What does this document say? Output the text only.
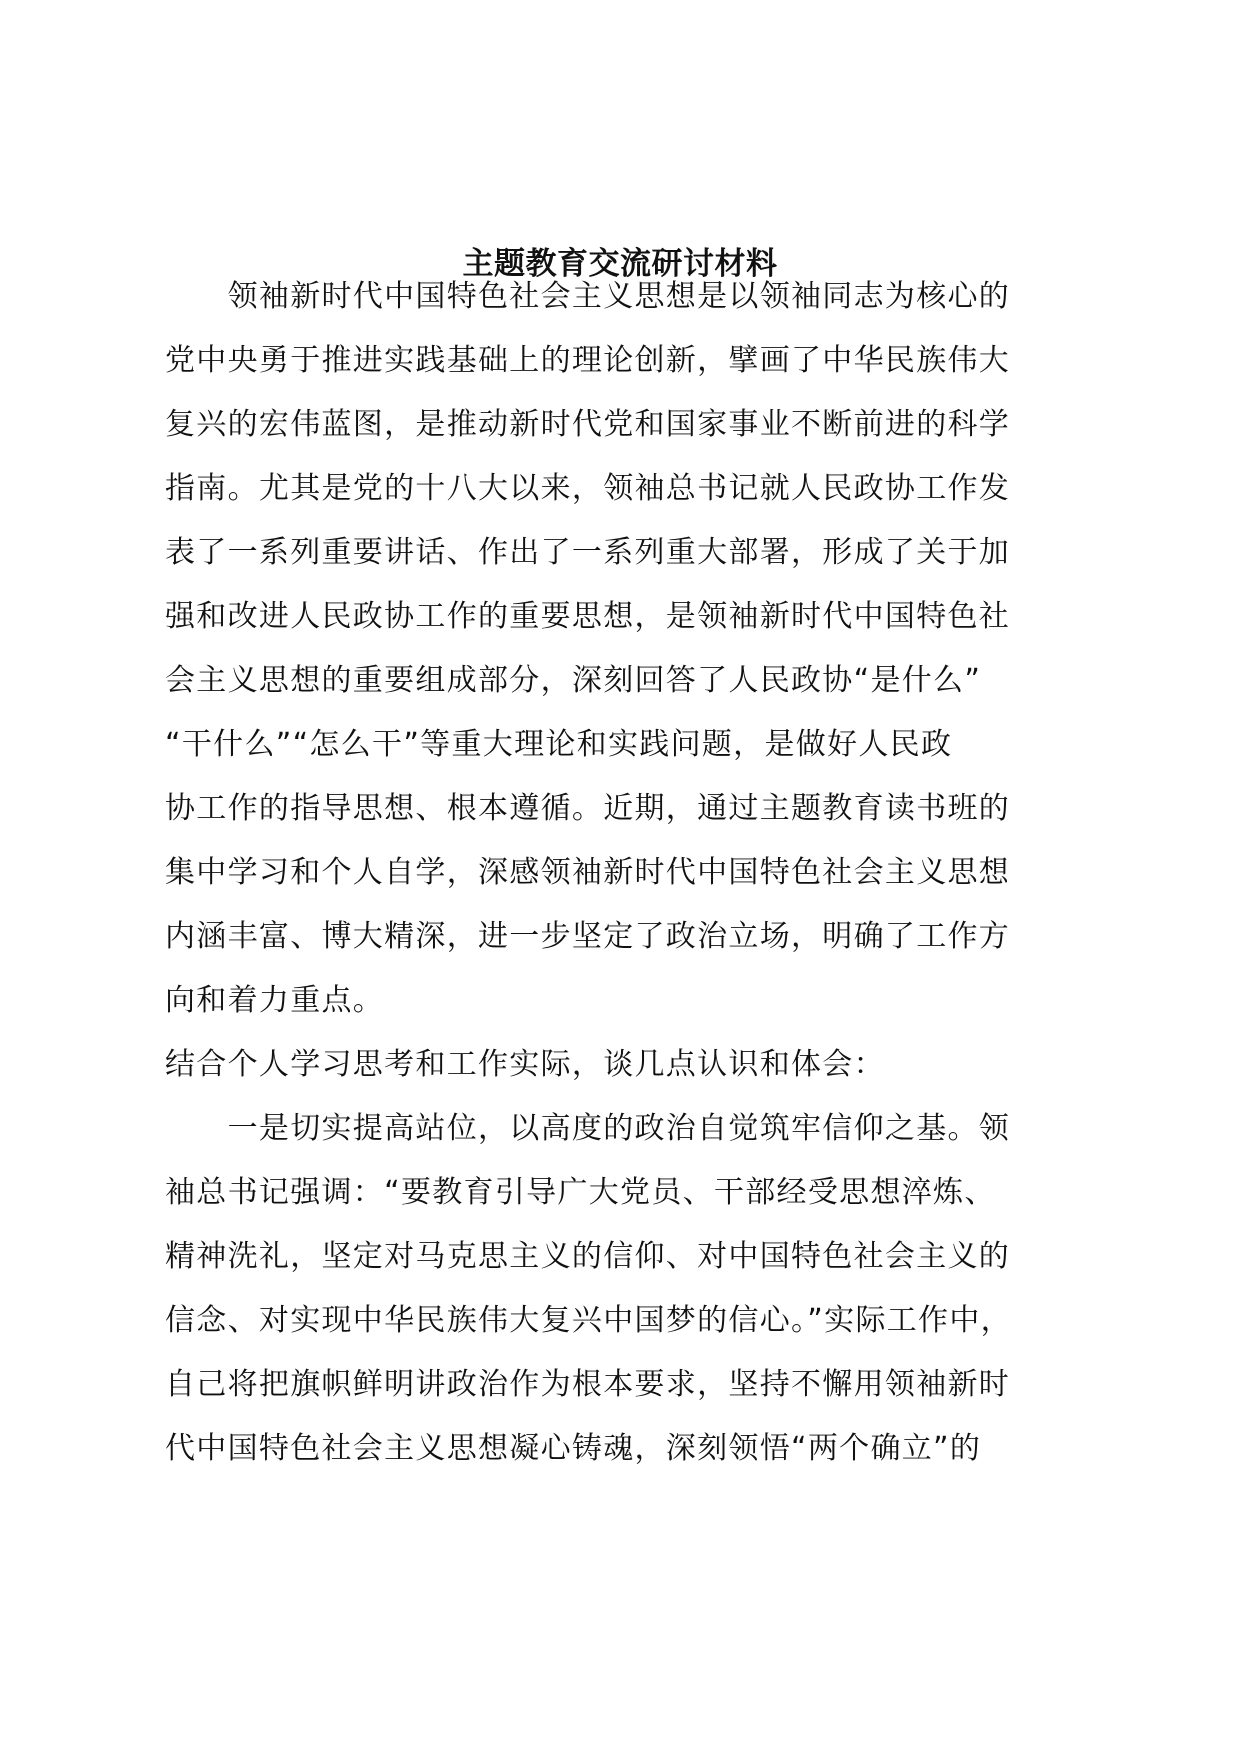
主题教育交流研讨材料
　　领袖新时代中国特色社会主义思想是以领袖同志为核心的
党中央勇于推进实践基础上的理论创新，擘画了中华民族伟大
复兴的宏伟蓝图，是推动新时代党和国家事业不断前进的科学
指南。尤其是党的十八大以来，领袖总书记就人民政协工作发
表了一系列重要讲话、作出了一系列重大部署，形成了关于加
强和改进人民政协工作的重要思想，是领袖新时代中国特色社
会主义思想的重要组成部分，深刻回答了人民政协“是什么”
“干什么”“怎么干”等重大理论和实践问题，是做好人民政
协工作的指导思想、根本遵循。近期，通过主题教育读书班的
集中学习和个人自学，深感领袖新时代中国特色社会主义思想
内涵丰富、博大精深，进一步坚定了政治立场，明确了工作方
向和着力重点。
结合个人学习思考和工作实际，谈几点认识和体会：
　　一是切实提高站位，以高度的政治自觉筑牢信仰之基。领
袖总书记强调：“要教育引导广大党员、干部经受思想淬炼、
精神洗礼，坚定对马克思主义的信仰、对中国特色社会主义的
信念、对实现中华民族伟大复兴中国梦的信心。”实际工作中，
自己将把旗帜鲜明讲政治作为根本要求，坚持不懈用领袖新时
代中国特色社会主义思想凝心铸魂，深刻领悟“两个确立”的
